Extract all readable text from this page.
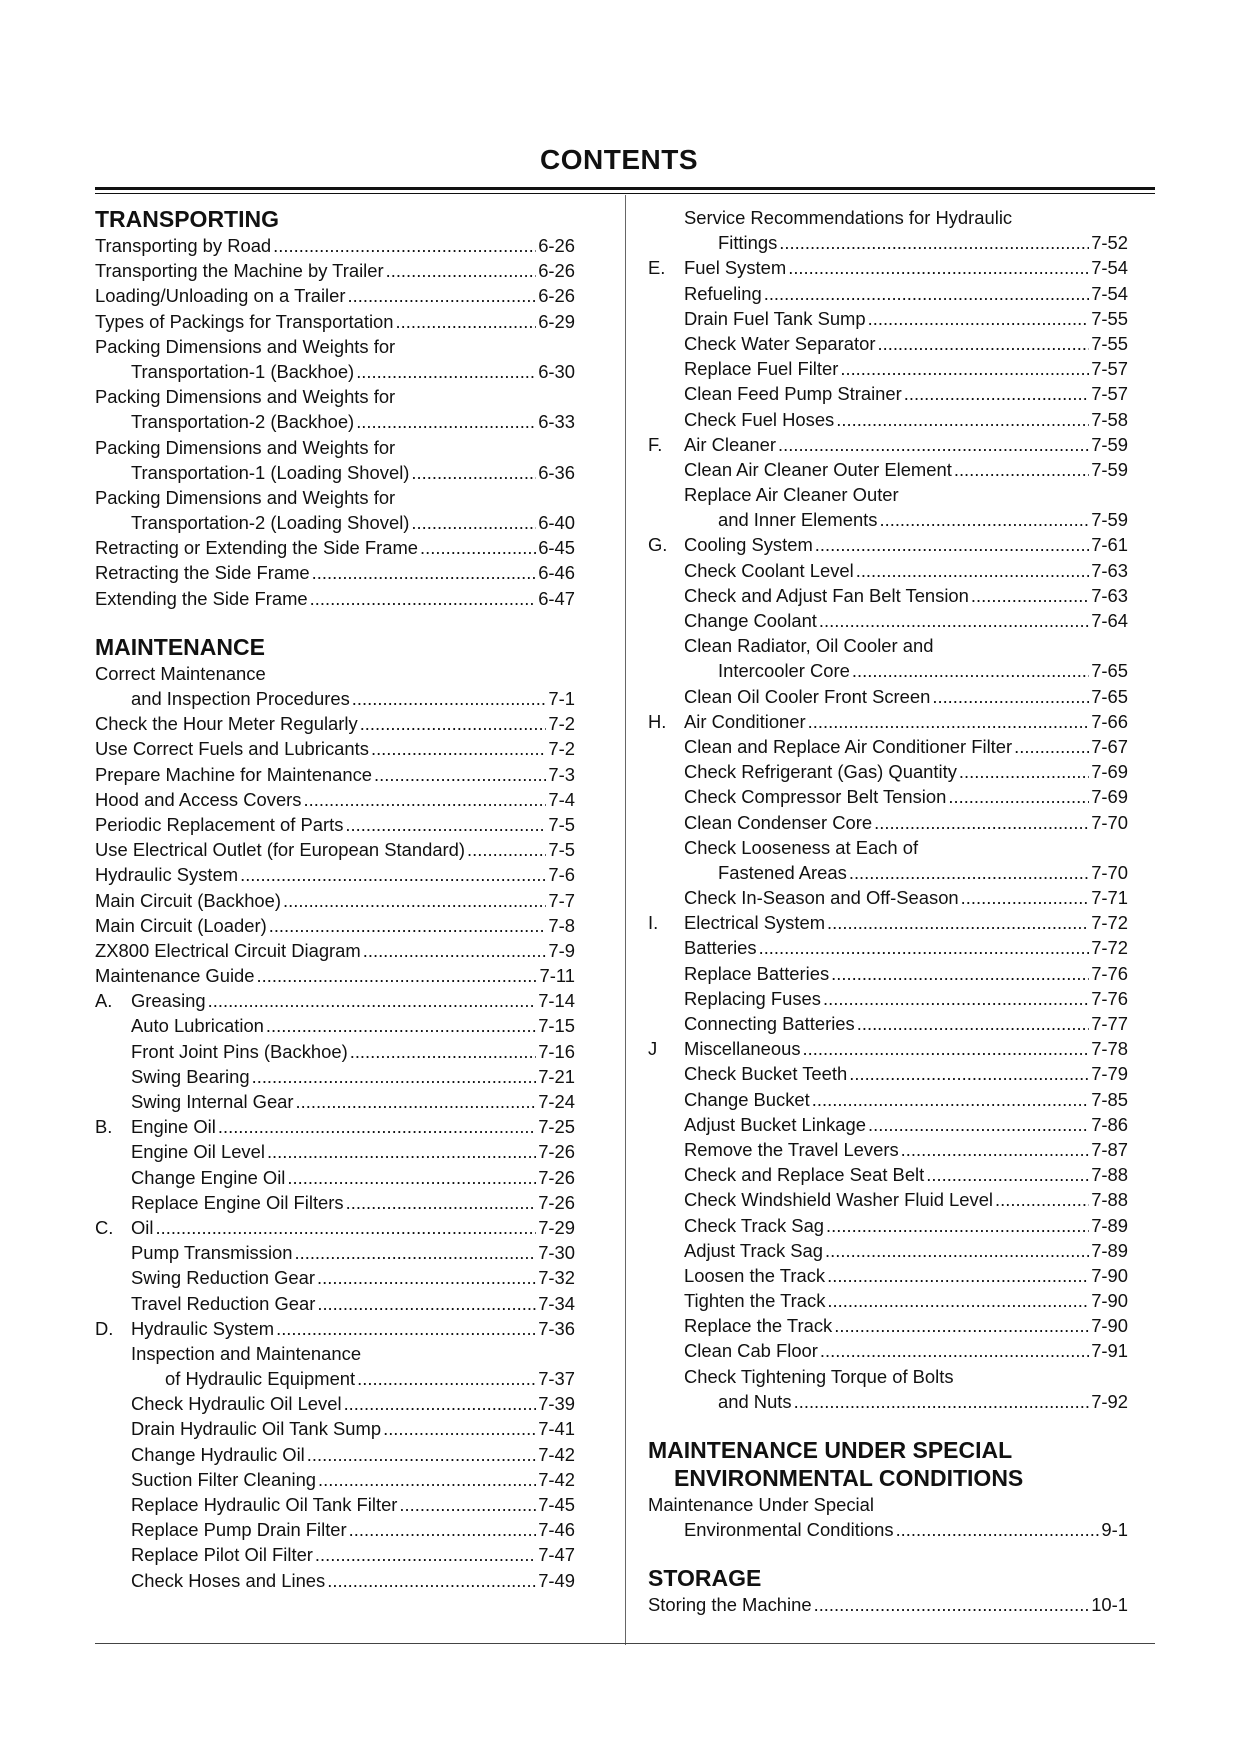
CONTENTS
TRANSPORTING
Transporting by Road .....	6-26
Transporting the Machine by Trailer .....	6-26
Loading/Unloading on a Trailer .....	6-26
Types of Packings for Transportation .....	6-29
Packing Dimensions and Weights for
Transportation-1 (Backhoe) .....	6-30
Packing Dimensions and Weights for
Transportation-2 (Backhoe) .....	6-33
Packing Dimensions and Weights for
Transportation-1 (Loading Shovel) .....	6-36
Packing Dimensions and Weights for
Transportation-2 (Loading Shovel) .....	6-40
Retracting or Extending the Side Frame .....	6-45
Retracting the Side Frame .....	6-46
Extending the Side Frame .....	6-47
MAINTENANCE
Correct Maintenance
and Inspection Procedures .....	7-1
Check the Hour Meter Regularly .....	7-2
Use Correct Fuels and Lubricants .....	7-2
Prepare Machine for Maintenance .....	7-3
Hood and Access Covers .....	7-4
Periodic Replacement of Parts .....	7-5
Use Electrical Outlet (for European Standard) .....	7-5
Hydraulic System .....	7-6
Main Circuit (Backhoe) .....	7-7
Main Circuit (Loader) .....	7-8
ZX800 Electrical Circuit Diagram .....	7-9
Maintenance Guide .....	7-11
A. Greasing .....	7-14
Auto Lubrication .....	7-15
Front Joint Pins (Backhoe) .....	7-16
Swing Bearing .....	7-21
Swing Internal Gear .....	7-24
B. Engine Oil .....	7-25
Engine Oil Level .....	7-26
Change Engine Oil .....	7-26
Replace Engine Oil Filters .....	7-26
C. Oil .....	7-29
Pump Transmission .....	7-30
Swing Reduction Gear .....	7-32
Travel Reduction Gear .....	7-34
D. Hydraulic System .....	7-36
Inspection and Maintenance
of Hydraulic Equipment .....	7-37
Check Hydraulic Oil Level .....	7-39
Drain Hydraulic Oil Tank Sump .....	7-41
Change Hydraulic Oil .....	7-42
Suction Filter Cleaning .....	7-42
Replace Hydraulic Oil Tank Filter .....	7-45
Replace Pump Drain Filter .....	7-46
Replace Pilot Oil Filter .....	7-47
Check Hoses and Lines .....	7-49
Service Recommendations for Hydraulic
Fittings .....	7-52
E. Fuel System .....	7-54
Refueling .....	7-54
Drain Fuel Tank Sump .....	7-55
Check Water Separator .....	7-55
Replace Fuel Filter .....	7-57
Clean Feed Pump Strainer .....	7-57
Check Fuel Hoses .....	7-58
F. Air Cleaner .....	7-59
Clean Air Cleaner Outer Element .....	7-59
Replace Air Cleaner Outer
and Inner Elements .....	7-59
G. Cooling System .....	7-61
Check Coolant Level .....	7-63
Check and Adjust Fan Belt Tension .....	7-63
Change Coolant .....	7-64
Clean Radiator, Oil Cooler and
Intercooler Core .....	7-65
Clean Oil Cooler Front Screen .....	7-65
H. Air Conditioner .....	7-66
Clean and Replace Air Conditioner Filter .....	7-67
Check Refrigerant (Gas) Quantity .....	7-69
Check Compressor Belt Tension .....	7-69
Clean Condenser Core .....	7-70
Check Looseness at Each of
Fastened Areas .....	7-70
Check In-Season and Off-Season .....	7-71
I. Electrical System .....	7-72
Batteries .....	7-72
Replace Batteries .....	7-76
Replacing Fuses .....	7-76
Connecting Batteries .....	7-77
J Miscellaneous .....	7-78
Check Bucket Teeth .....	7-79
Change Bucket .....	7-85
Adjust Bucket Linkage .....	7-86
Remove the Travel Levers .....	7-87
Check and Replace Seat Belt .....	7-88
Check Windshield Washer Fluid Level .....	7-88
Check Track Sag .....	7-89
Adjust Track Sag .....	7-89
Loosen the Track .....	7-90
Tighten the Track .....	7-90
Replace the Track .....	7-90
Clean Cab Floor .....	7-91
Check Tightening Torque of Bolts
and Nuts .....	7-92
MAINTENANCE UNDER SPECIAL
ENVIRONMENTAL CONDITIONS
Maintenance Under Special
Environmental Conditions .....	9-1
STORAGE
Storing the Machine .....	10-1
